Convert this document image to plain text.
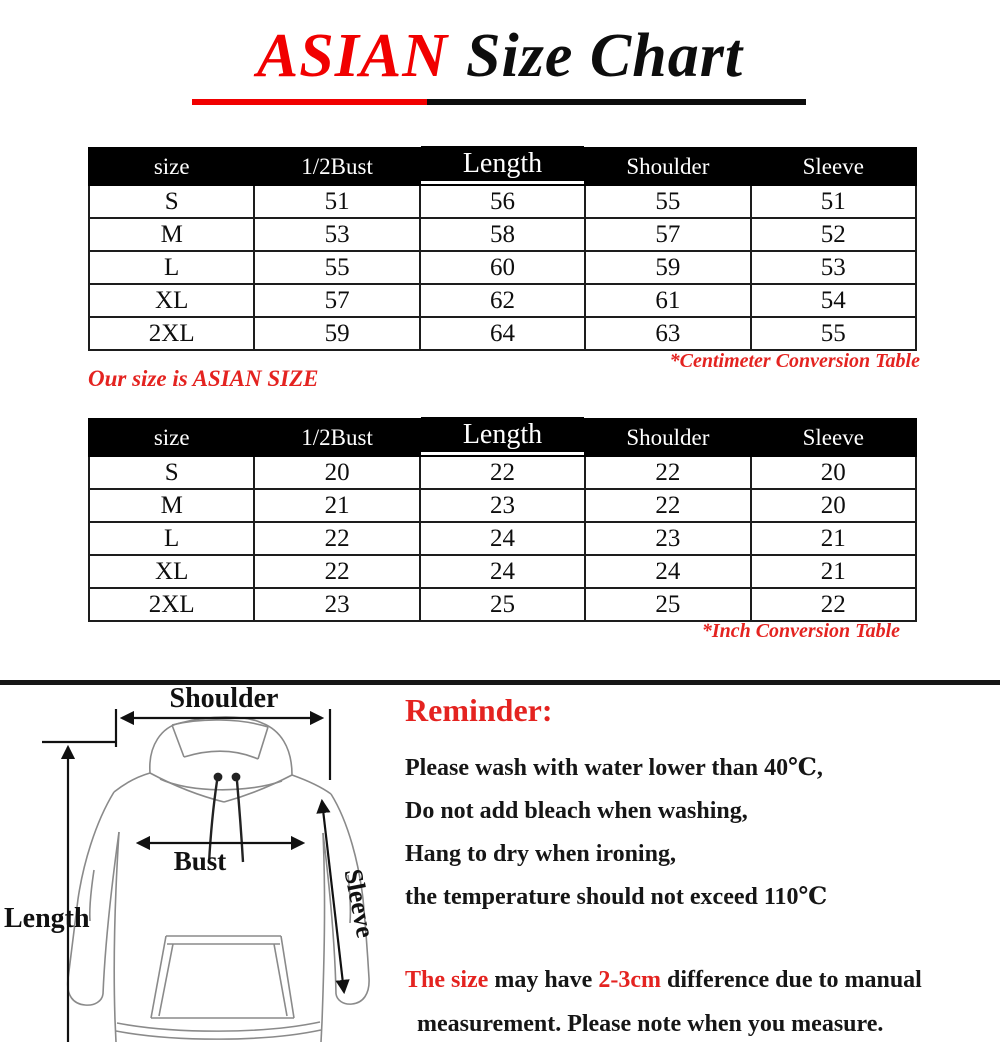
ASIAN Size Chart
size	1/2Bust	Length	Shoulder	Sleeve
S	51	56	55	51
M	53	58	57	52
L	55	60	59	53
XL	57	62	61	54
2XL	59	64	63	55
*Centimeter Conversion Table
Our size is ASIAN SIZE
size	1/2Bust	Length	Shoulder	Sleeve
S	20	22	22	20
M	21	23	22	20
L	22	24	23	21
XL	22	24	24	21
2XL	23	25	25	22
*Inch Conversion Table
Shoulder
Bust
Length	Sleeve
Reminder:

Please wash with water lower than 40℃,

Do not add bleach when washing,

Hang to dry when ironing,

the temperature should not exceed 110℃

The size may have 2-3cm difference due to manual
measurement. Please note when you measure.
